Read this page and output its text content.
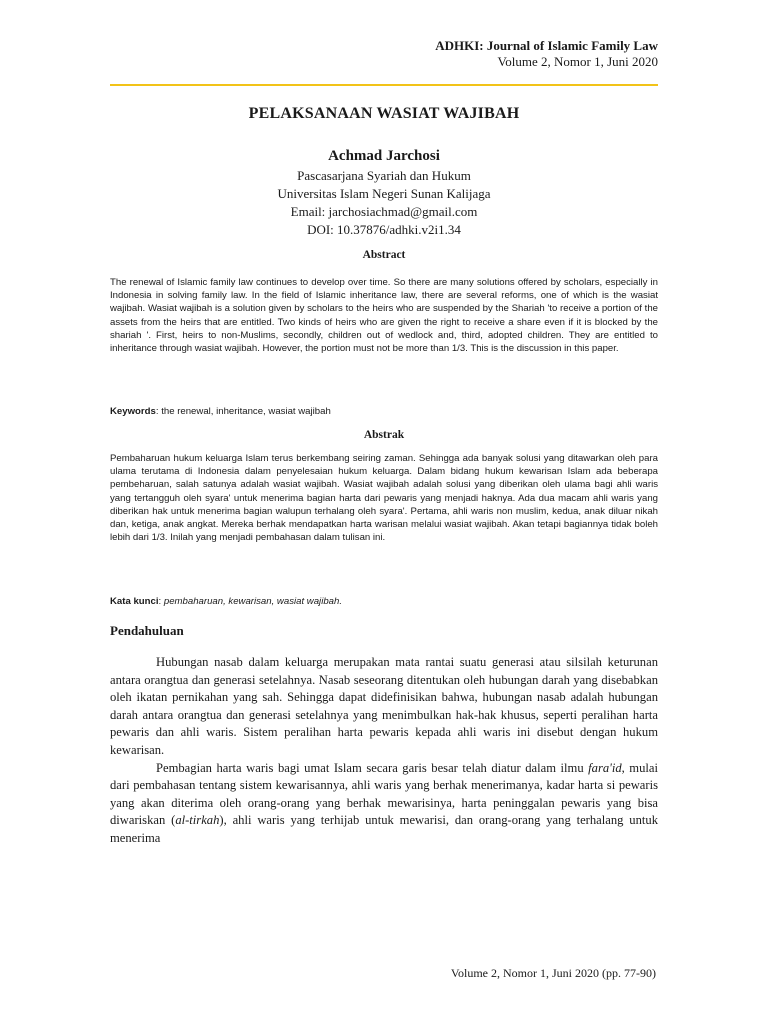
ADHKI: Journal of Islamic Family Law
Volume 2, Nomor 1, Juni 2020
PELAKSANAAN WASIAT WAJIBAH
Achmad Jarchosi
Pascasarjana Syariah dan Hukum
Universitas Islam Negeri Sunan Kalijaga
Email: jarchosiachmad@gmail.com
DOI: 10.37876/adhki.v2i1.34
Abstract
The renewal of Islamic family law continues to develop over time. So there are many solutions offered by scholars, especially in Indonesia in solving family law. In the field of Islamic inheritance law, there are several reforms, one of which is the wasiat wajibah. Wasiat wajibah is a solution given by scholars to the heirs who are suspended by the Shariah 'to receive a portion of the assets from the heirs that are entitled. Two kinds of heirs who are given the right to receive a share even if it is blocked by the shariah '. First, heirs to non-Muslims, secondly, children out of wedlock and, third, adopted children. They are entitled to inheritance through wasiat wajibah. However, the portion must not be more than 1/3. This is the discussion in this paper.
Keywords: the renewal, inheritance, wasiat wajibah
Abstrak
Pembaharuan hukum keluarga Islam terus berkembang seiring zaman. Sehingga ada banyak solusi yang ditawarkan oleh para ulama terutama di Indonesia dalam penyelesaian hukum keluarga. Dalam bidang hukum kewarisan Islam ada beberapa pembeharuan, salah satunya adalah wasiat wajibah. Wasiat wajibah adalah solusi yang diberikan oleh ulama bagi ahli waris yang tertangguh oleh syara' untuk menerima bagian harta dari pewaris yang menjadi haknya. Ada dua macam ahli waris yang diberikan hak untuk menerima bagian walupun terhalang oleh syara'. Pertama, ahli waris non muslim, kedua, anak diluar nikah dan, ketiga, anak angkat. Mereka berhak mendapatkan harta warisan melalui wasiat wajibah. Akan tetapi bagiannya tidak boleh lebih dari 1/3. Inilah yang menjadi pembahasan dalam tulisan ini.
Kata kunci: pembaharuan, kewarisan, wasiat wajibah.
Pendahuluan

Hubungan nasab dalam keluarga merupakan mata rantai suatu generasi atau silsilah keturunan antara orangtua dan generasi setelahnya. Nasab seseorang ditentukan oleh hubungan darah yang disebabkan oleh ikatan pernikahan yang sah. Sehingga dapat didefinisikan bahwa, hubungan nasab adalah hubungan darah antara orangtua dan generasi setelahnya yang menimbulkan hak-hak khusus, seperti peralihan harta pewaris dan ahli waris. Sistem peralihan harta pewaris kepada ahli waris ini disebut dengan hukum kewarisan.

Pembagian harta waris bagi umat Islam secara garis besar telah diatur dalam ilmu fara'id, mulai dari pembahasan tentang sistem kewarisannya, ahli waris yang berhak menerimanya, kadar harta si pewaris yang akan diterima oleh orang-orang yang berhak mewarisinya, harta peninggalan pewaris yang bisa diwariskan (al-tirkah), ahli waris yang terhijab untuk mewarisi, dan orang-orang yang terhalang untuk menerima

Volume 2, Nomor 1, Juni 2020 (pp. 77-90)
